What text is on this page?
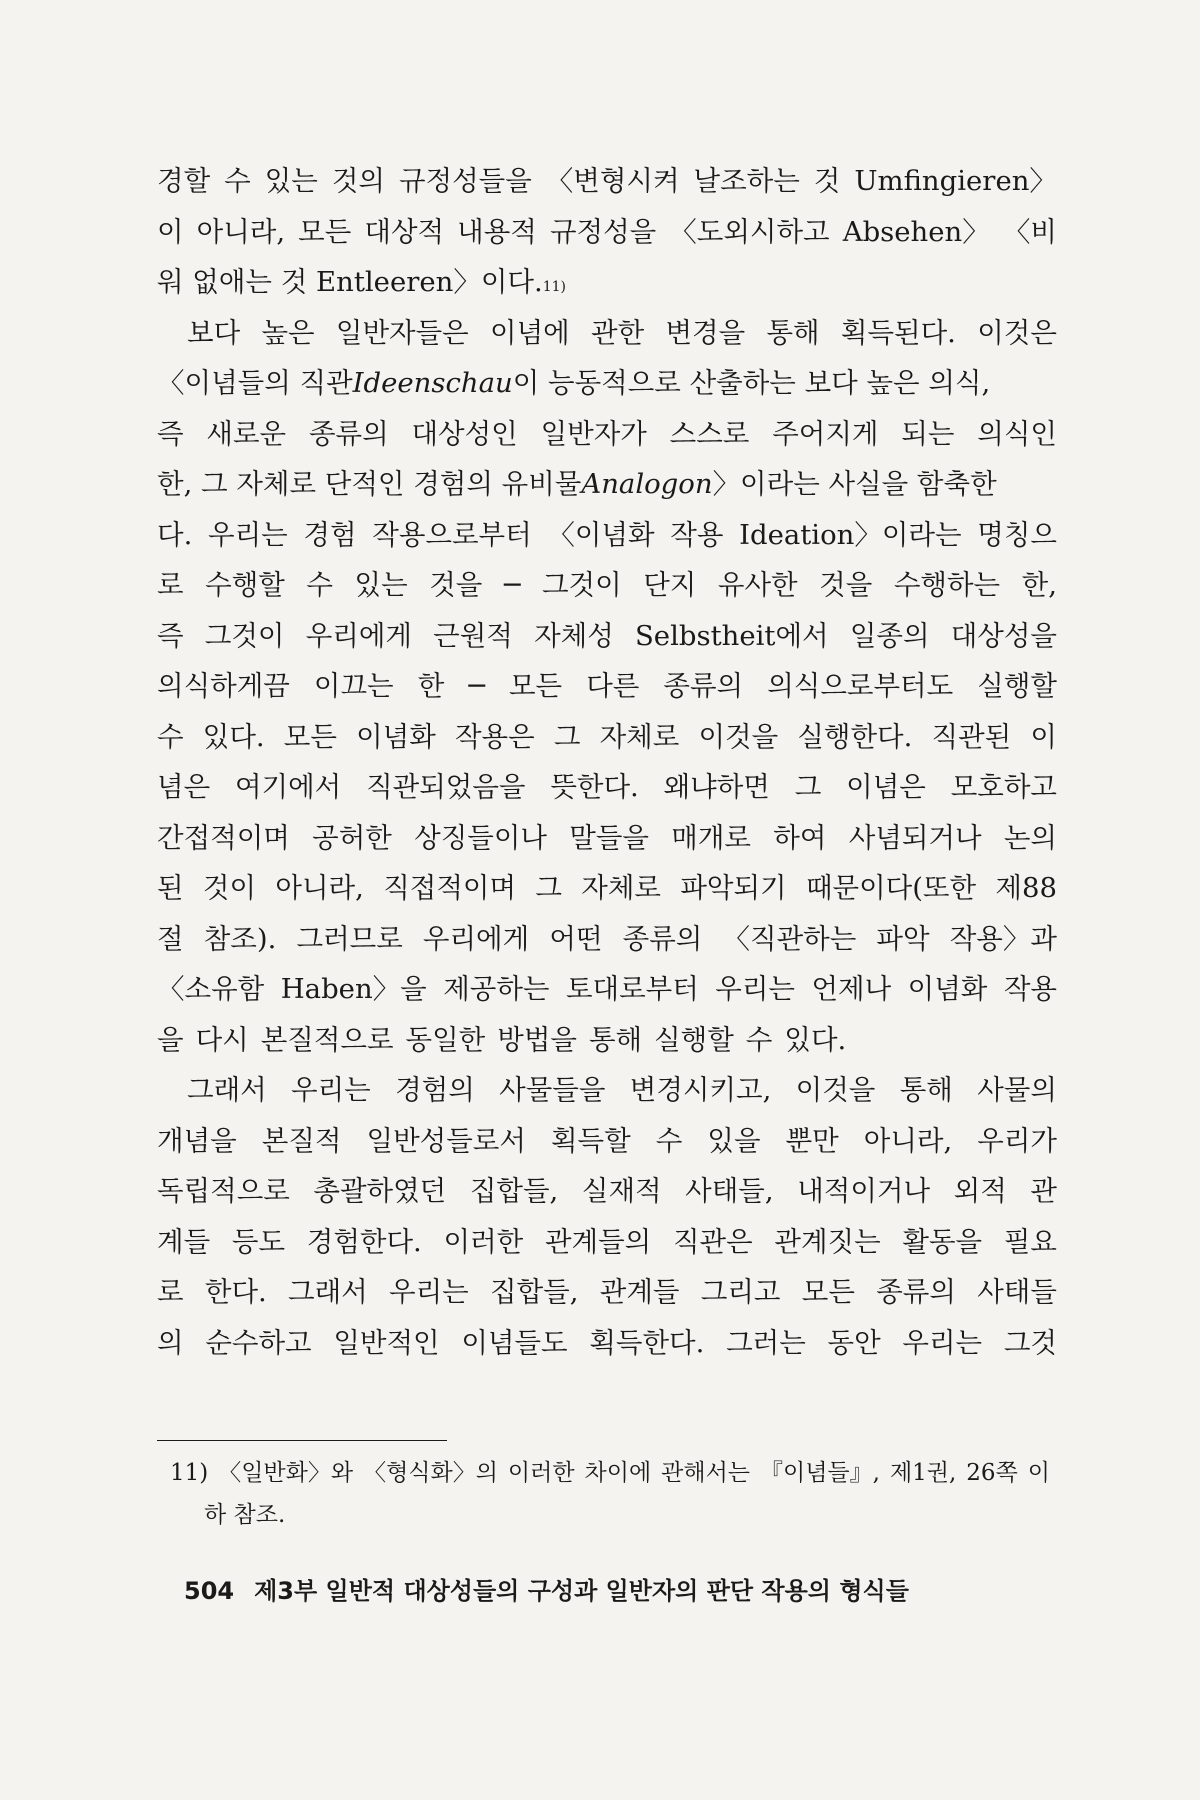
경할 수 있는 것의 규정성들을 〈변형시켜 날조하는 것 Umfingieren〉
이 아니라, 모든 대상적 내용적 규정성을 〈도외시하고 Absehen〉 〈비
워 없애는 것 Entleeren〉이다. 11)
보다 높은 일반자들은 이념에 관한 변경을 통해 획득된다. 이것은
〈이념들의 직관Ideenschau이 능동적으로 산출하는 보다 높은 의식,
즉 새로운 종류의 대상성인 일반자가 스스로 주어지게 되는 의식인
한, 그 자체로 단적인 경험의 유비물Analogon〉이라는 사실을 함축한
다. 우리는 경험 작용으로부터 〈이념화 작용 Ideation〉이라는 명칭으
로 수행할 수 있는 것을 ─ 그것이 단지 유사한 것을 수행하는 한,
즉 그것이 우리에게 근원적 자체성 Selbstheit에서 일종의 대상성을
의식하게끔 이끄는 한 ─ 모든 다른 종류의 의식으로부터도 실행할
수 있다. 모든 이념화 작용은 그 자체로 이것을 실행한다. 직관된 이
념은 여기에서 직관되었음을 뜻한다. 왜냐하면 그 이념은 모호하고
간접적이며 공허한 상징들이나 말들을 매개로 하여 사념되거나 논의
된 것이 아니라, 직접적이며 그 자체로 파악되기 때문이다(또한 제88
절 참조). 그러므로 우리에게 어떤 종류의 〈직관하는 파악 작용〉과
〈소유함 Haben〉을 제공하는 토대로부터 우리는 언제나 이념화 작용
을 다시 본질적으로 동일한 방법을 통해 실행할 수 있다.
그래서 우리는 경험의 사물들을 변경시키고, 이것을 통해 사물의
개념을 본질적 일반성들로서 획득할 수 있을 뿐만 아니라, 우리가
독립적으로 총괄하였던 집합들, 실재적 사태들, 내적이거나 외적 관
계들 등도 경험한다. 이러한 관계들의 직관은 관계짓는 활동을 필요
로 한다. 그래서 우리는 집합들, 관계들 그리고 모든 종류의 사태들
의 순수하고 일반적인 이념들도 획득한다. 그러는 동안 우리는 그것
11) 〈일반화〉와 〈형식화〉의 이러한 차이에 관해서는 『이념들』, 제1권, 26쪽 이
하 참조.
504 제3부 일반적 대상성들의 구성과 일반자의 판단 작용의 형식들
